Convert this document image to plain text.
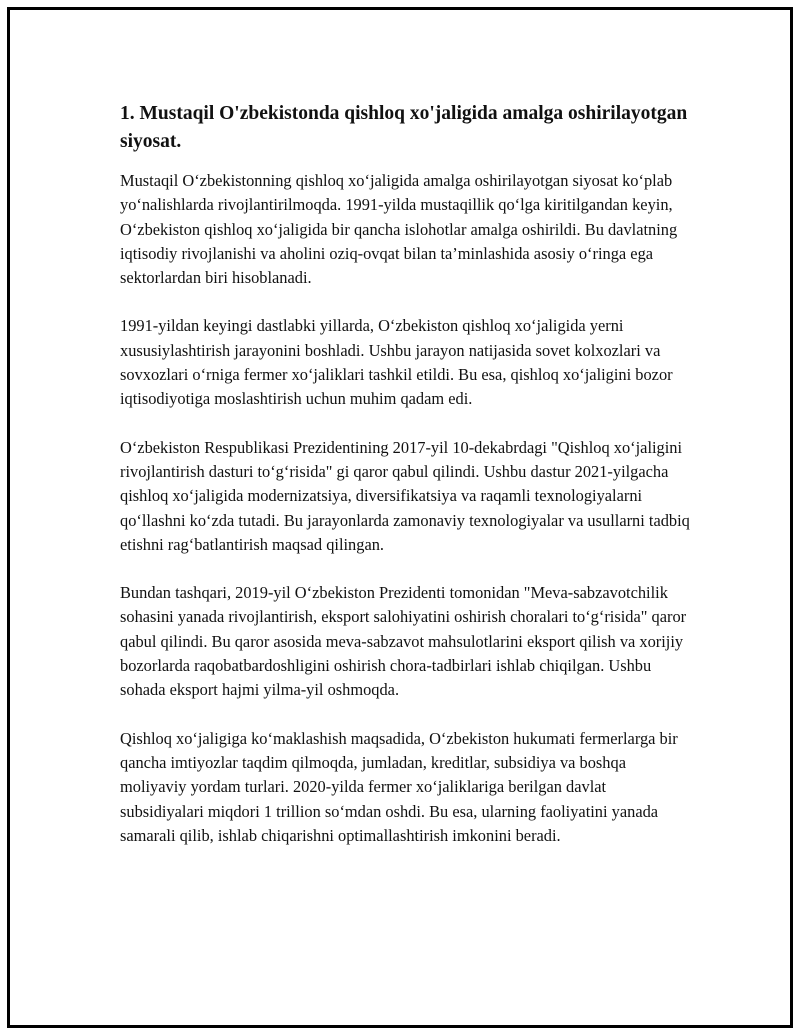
1. Mustaqil O'zbekistonda qishloq xo'jaligida amalga oshirilayotgan siyosat.

Mustaqil O‘zbekistonning qishloq xo‘jaligida amalga oshirilayotgan siyosat ko‘plab yo‘nalishlarda rivojlantirilmoqda. 1991-yilda mustaqillik qo‘lga kiritilgandan keyin, O‘zbekiston qishloq xo‘jaligida bir qancha islohotlar amalga oshirildi. Bu davlatning iqtisodiy rivojlanishi va aholini oziq-ovqat bilan ta’minlashida asosiy o‘ringa ega sektorlardan biri hisoblanadi.

1991-yildan keyingi dastlabki yillarda, O‘zbekiston qishloq xo‘jaligida yerni xususiylashtirish jarayonini boshladi. Ushbu jarayon natijasida sovet kolxozlari va sovxozlari o‘rniga fermer xo‘jaliklari tashkil etildi. Bu esa, qishloq xo‘jaligini bozor iqtisodiyotiga moslashtirish uchun muhim qadam edi.

O‘zbekiston Respublikasi Prezidentining 2017-yil 10-dekabrdagi "Qishloq xo‘jaligini rivojlantirish dasturi to‘g‘risida" gi qaror qabul qilindi. Ushbu dastur 2021-yilgacha qishloq xo‘jaligida modernizatsiya, diversifikatsiya va raqamli texnologiyalarni qo‘llashni ko‘zda tutadi. Bu jarayonlarda zamonaviy texnologiyalar va usullarni tadbiq etishni rag‘batlantirish maqsad qilingan.

Bundan tashqari, 2019-yil O‘zbekiston Prezidenti tomonidan "Meva-sabzavotchilik sohasini yanada rivojlantirish, eksport salohiyatini oshirish choralari to‘g‘risida" qaror qabul qilindi. Bu qaror asosida meva-sabzavot mahsulotlarini eksport qilish va xorijiy bozorlarda raqobatbardoshligini oshirish chora-tadbirlari ishlab chiqilgan. Ushbu sohada eksport hajmi yilma-yil oshmoqda.

Qishloq xo‘jaligiga ko‘maklashish maqsadida, O‘zbekiston hukumati fermerlarga bir qancha imtiyozlar taqdim qilmoqda, jumladan, kreditlar, subsidiya va boshqa moliyaviy yordam turlari. 2020-yilda fermer xo‘jaliklariga berilgan davlat subsidiyalari miqdori 1 trillion so‘mdan oshdi. Bu esa, ularning faoliyatini yanada samarali qilib, ishlab chiqarishni optimallashtirish imkonini beradi.
